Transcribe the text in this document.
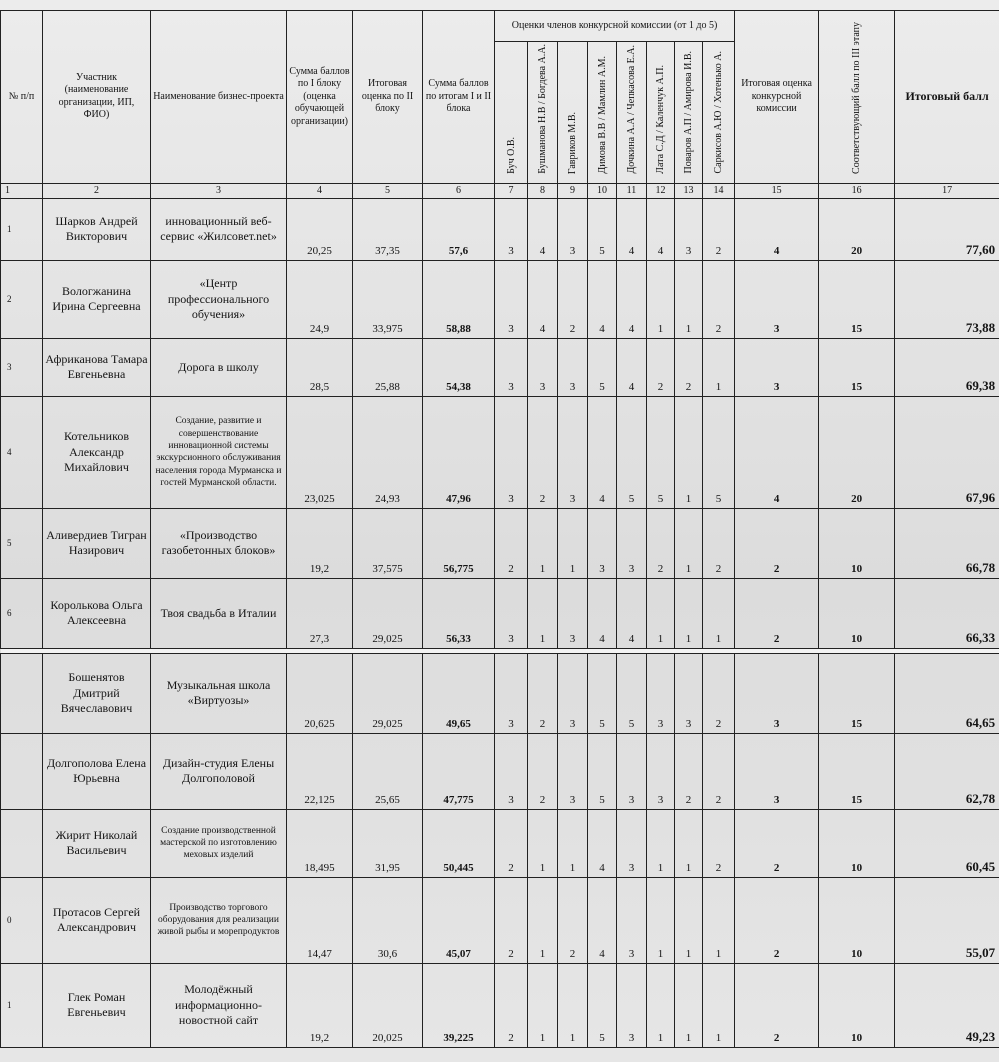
№ п/п	Участник (наименование организации, ИП, ФИО)	Наименование бизнес-проекта	Сумма баллов по I блоку (оценка обучающей организации)	Итоговая оценка по II блоку	Сумма баллов по итогам I и II блока	Оценки членов конкурсной комиссии (от 1 до 5)								Итоговая оценка конкурсной комиссии	Соответствующий балл по III этапу	Итоговый балл
						Буч О.В.	Бушманова Н.В / Богдева А.А.	Гавриков М.В.	Димова В.В / Мамлин А.М.	Дочкина А.А / Чепкасова Е.А.	Лата С.Д / Каленчук А.П.	Поваров А.П / Амирова И.В.	Саркисов А.Ю / Хотенько А.			
1	2	3	4	5	6	7	8	9	10	11	12	13	14	15	16	17
1	Шарков Андрей Викторович	инновационный веб-сервис «Жилсовет.net»	20,25	37,35	57,6	3	4	3	5	4	4	3	2	4	20	77,60
2	Вологжанина Ирина Сергеевна	«Центр профессионального обучения»	24,9	33,975	58,88	3	4	2	4	4	1	1	2	3	15	73,88
3	Африканова Тамара Евгеньевна	Дорога в школу	28,5	25,88	54,38	3	3	3	5	4	2	2	1	3	15	69,38
4	Котельников Александр Михайлович	Создание, развитие и совершенствование инновационной системы экскурсионного обслуживания населения города Мурманска и гостей Мурманской области.	23,025	24,93	47,96	3	2	3	4	5	5	1	5	4	20	67,96
5	Аливердиев Тигран Назирович	«Производство газобетонных блоков»	19,2	37,575	56,775	2	1	1	3	3	2	1	2	2	10	66,78
6	Королькова Ольга Алексеевна	Твоя свадьба в Италии	27,3	29,025	56,33	3	1	3	4	4	1	1	1	2	10	66,33

	Бошенятов Дмитрий Вячеславович	Музыкальная школа «Виртуозы»	20,625	29,025	49,65	3	2	3	5	5	3	3	2	3	15	64,65
	Долгополова Елена Юрьевна	Дизайн-студия Елены Долгополовой	22,125	25,65	47,775	3	2	3	5	3	3	2	2	3	15	62,78
	Жирит Николай Васильевич	Создание производственной мастерской по изготовлению меховых изделий	18,495	31,95	50,445	2	1	1	4	3	1	1	2	2	10	60,45
0	Протасов Сергей Александрович	Производство торгового оборудования для реализации живой рыбы и морепродуктов	14,47	30,6	45,07	2	1	2	4	3	1	1	1	2	10	55,07
1	Глек Роман Евгеньевич	Молодёжный информационно-новостной сайт	19,2	20,025	39,225	2	1	1	5	3	1	1	1	2	10	49,23
